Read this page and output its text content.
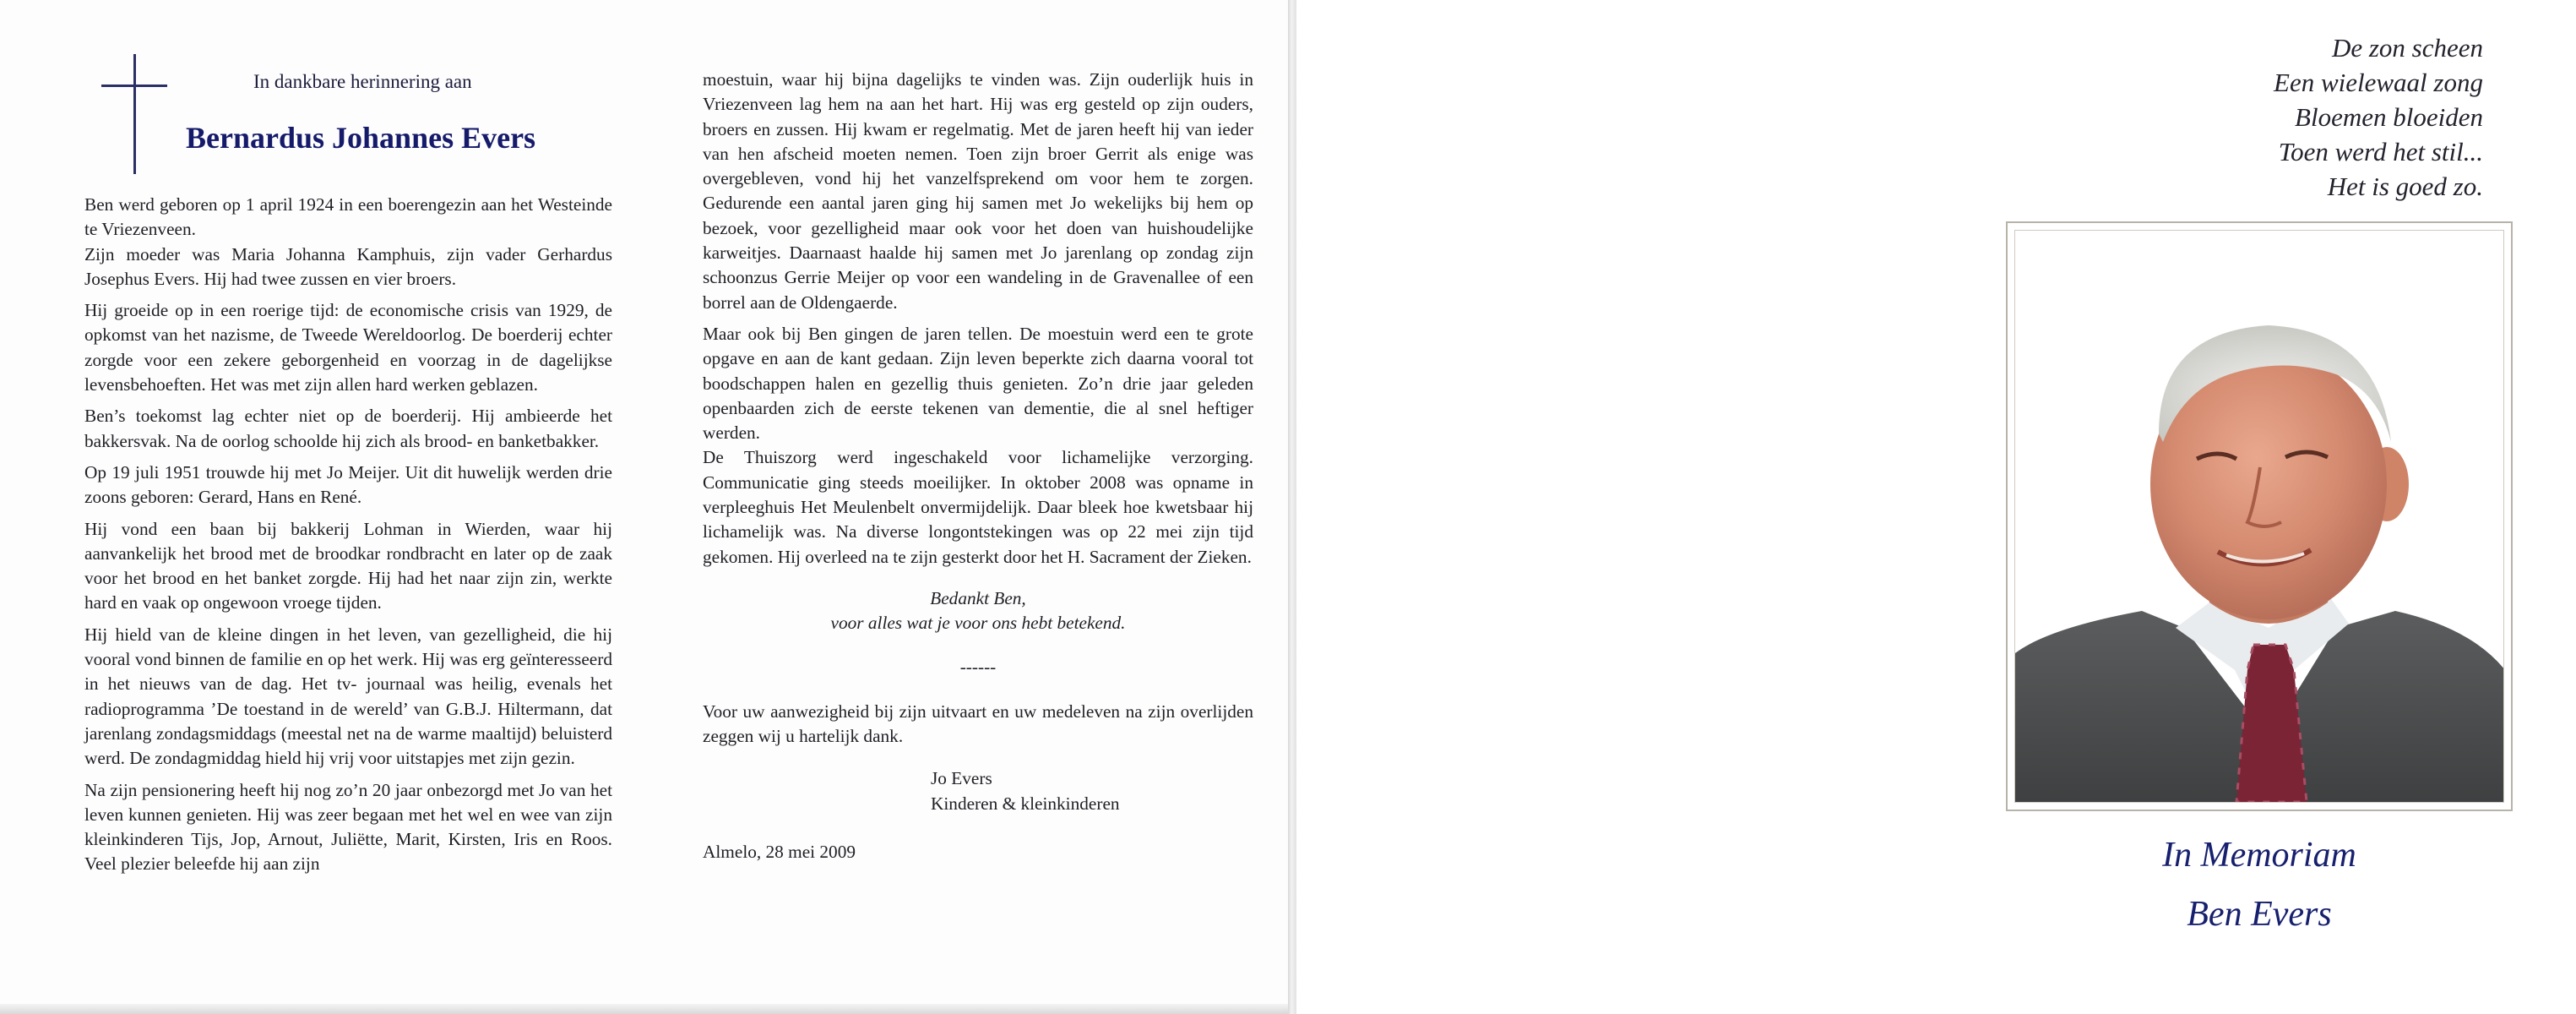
In dankbare herinnering aan
Bernardus Johannes Evers

Ben werd geboren op 1 april 1924 in een boerengezin aan het Westeinde te Vriezenveen.

Zijn moeder was Maria Johanna Kamphuis, zijn vader Gerhardus Josephus Evers. Hij had twee zussen en vier broers.

Hij groeide op in een roerige tijd: de economische crisis van 1929, de opkomst van het nazisme, de Tweede Wereldoorlog. De boerderij echter zorgde voor een zekere geborgenheid en voorzag in de dagelijkse levensbehoeften. Het was met zijn allen hard werken geblazen.

Ben’s toekomst lag echter niet op de boerderij. Hij ambieerde het bakkersvak. Na de oorlog schoolde hij zich als brood- en banketbakker.

Op 19 juli 1951 trouwde hij met Jo Meijer. Uit dit huwelijk werden drie zoons geboren: Gerard, Hans en René.

Hij vond een baan bij bakkerij Lohman in Wierden, waar hij aanvankelijk het brood met de broodkar rondbracht en later op de zaak voor het brood en het banket zorgde. Hij had het naar zijn zin, werkte hard en vaak op ongewoon vroege tijden.

Hij hield van de kleine dingen in het leven, van gezelligheid, die hij vooral vond binnen de familie en op het werk. Hij was erg geïnteresseerd in het nieuws van de dag. Het tv- journaal was heilig, evenals het radioprogramma ’De toestand in de wereld’ van G.B.J. Hiltermann, dat jarenlang zondagsmiddags (meestal net na de warme maaltijd) beluisterd werd. De zondagmiddag hield hij vrij voor uitstapjes met zijn gezin.

Na zijn pensionering heeft hij nog zo’n 20 jaar onbezorgd met Jo van het leven kunnen genieten. Hij was zeer begaan met het wel en wee van zijn kleinkinderen Tijs, Jop, Arnout, Juliëtte, Marit, Kirsten, Iris en Roos. Veel plezier beleefde hij aan zijn

moestuin, waar hij bijna dagelijks te vinden was. Zijn ouderlijk huis in Vriezenveen lag hem na aan het hart. Hij was erg gesteld op zijn ouders, broers en zussen. Hij kwam er regelmatig. Met de jaren heeft hij van ieder van hen afscheid moeten nemen. Toen zijn broer Gerrit als enige was overgebleven, vond hij het vanzelfsprekend om voor hem te zorgen. Gedurende een aantal jaren ging hij samen met Jo wekelijks bij hem op bezoek, voor gezelligheid maar ook voor het doen van huishoudelijke karweitjes. Daarnaast haalde hij samen met Jo jarenlang op zondag zijn schoonzus Gerrie Meijer op voor een wandeling in de Gravenallee of een borrel aan de Oldengaerde.

Maar ook bij Ben gingen de jaren tellen. De moestuin werd een te grote opgave en aan de kant gedaan. Zijn leven beperkte zich daarna vooral tot boodschappen halen en gezellig thuis genieten. Zo’n drie jaar geleden openbaarden zich de eerste tekenen van dementie, die al snel heftiger werden.

De Thuiszorg werd ingeschakeld voor lichamelijke verzorging. Communicatie ging steeds moeilijker. In oktober 2008 was opname in verpleeghuis Het Meulenbelt onvermijdelijk. Daar bleek hoe kwetsbaar hij lichamelijk was. Na diverse longontstekingen was op 22 mei zijn tijd gekomen. Hij overleed na te zijn gesterkt door het H. Sacrament der Zieken.

Bedankt Ben,
voor alles wat je voor ons hebt betekend.
------

Voor uw aanwezigheid bij zijn uitvaart en uw medeleven na zijn overlijden zeggen wij u hartelijk dank.

Jo Evers
Kinderen & kleinkinderen
Almelo, 28 mei 2009
De zon scheen
Een wielewaal zong
Bloemen bloeiden
Toen werd het stil...
Het is goed zo.
In Memoriam
Ben Evers
